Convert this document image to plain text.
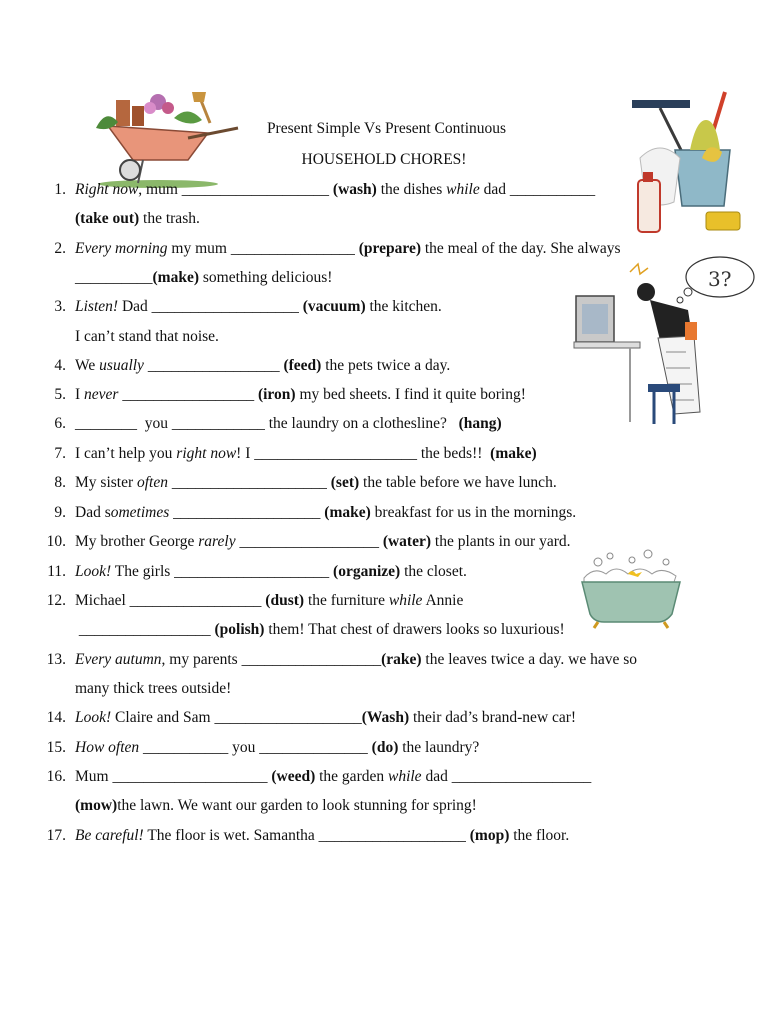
Present Simple Vs Present Continuous
HOUSEHOLD CHORES!
3?
1. Right now, mum ___________________ (wash) the dishes while dad ___________
(take out) the trash.
2. Every morning my mum ________________ (prepare) the meal of the day. She always
__________(make) something delicious!
3. Listen! Dad ___________________ (vacuum) the kitchen.
I can’t stand that noise.
4. We usually _________________ (feed) the pets twice a day.
5. I never _________________ (iron) my bed sheets. I find it quite boring!
6. ________  you ____________ the laundry on a clothesline?   (hang)
7. I can’t help you right now! I _____________________ the beds!!  (make)
8. My sister often ____________________ (set) the table before we have lunch.
9. Dad sometimes ___________________ (make) breakfast for us in the mornings.
10. My brother George rarely __________________ (water) the plants in our yard.
11. Look! The girls ____________________ (organize) the closet.
12. Michael _________________ (dust) the furniture while Annie
_________________ (polish) them! That chest of drawers looks so luxurious!
13. Every autumn, my parents __________________(rake) the leaves twice a day. we have so
many thick trees outside!
14. Look! Claire and Sam ___________________(Wash) their dad’s brand-new car!
15. How often ___________ you ______________ (do) the laundry?
16. Mum ____________________ (weed) the garden while dad __________________
(mow)the lawn. We want our garden to look stunning for spring!
17. Be careful! The floor is wet. Samantha ___________________ (mop) the floor.
